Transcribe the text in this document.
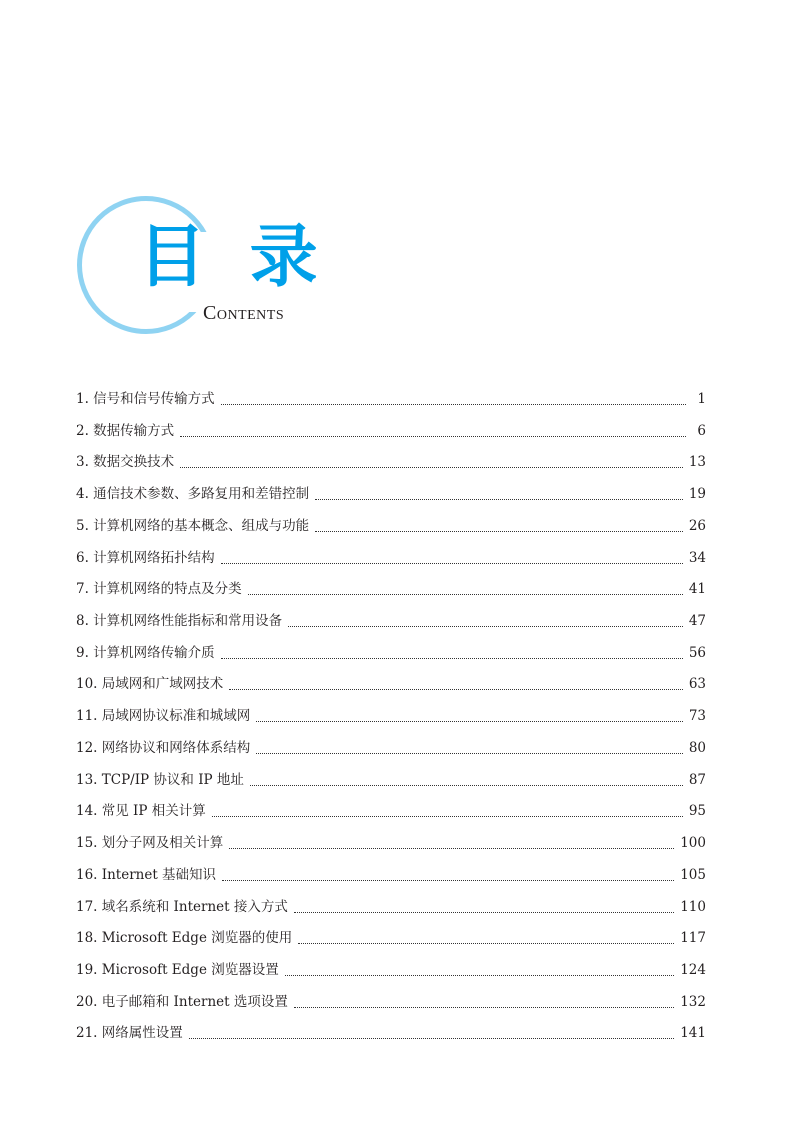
目 录
Contents
1. 信号和信号传输方式	1
2. 数据传输方式	6
3. 数据交换技术	13
4. 通信技术参数、多路复用和差错控制	19
5. 计算机网络的基本概念、组成与功能	26
6. 计算机网络拓扑结构	34
7. 计算机网络的特点及分类	41
8. 计算机网络性能指标和常用设备	47
9. 计算机网络传输介质	56
10. 局域网和广域网技术	63
11. 局域网协议标准和城域网	73
12. 网络协议和网络体系结构	80
13. TCP/IP 协议和 IP 地址	87
14. 常见 IP 相关计算	95
15. 划分子网及相关计算	100
16. Internet 基础知识	105
17. 域名系统和 Internet 接入方式	110
18. Microsoft Edge 浏览器的使用	117
19. Microsoft Edge 浏览器设置	124
20. 电子邮箱和 Internet 选项设置	132
21. 网络属性设置	141
